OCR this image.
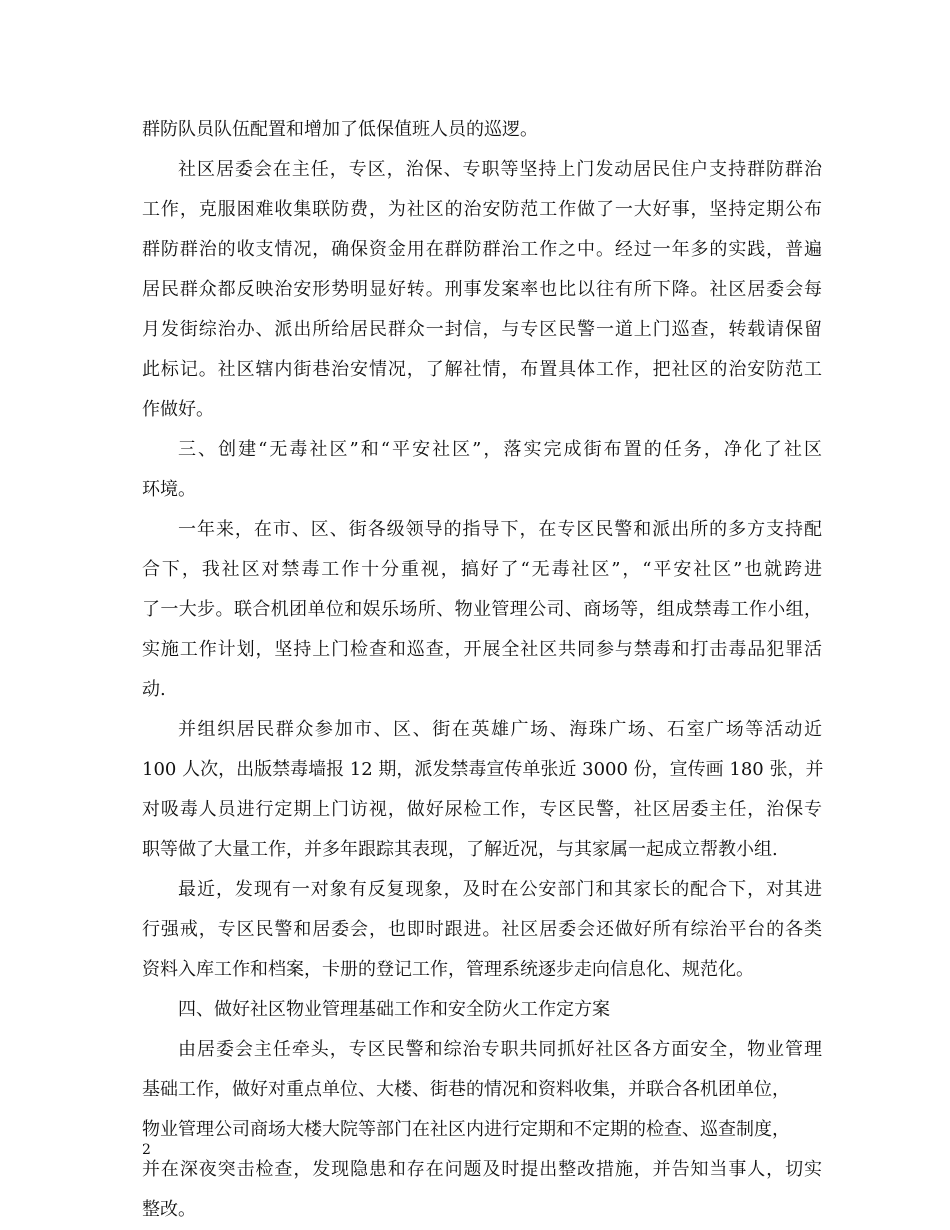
群防队员队伍配置和增加了低保值班人员的巡逻。
社区居委会在主任，专区，治保、专职等坚持上门发动居民住户支持群防群治
工作，克服困难收集联防费，为社区的治安防范工作做了一大好事，坚持定期公布
群防群治的收支情况，确保资金用在群防群治工作之中。经过一年多的实践，普遍
居民群众都反映治安形势明显好转。刑事发案率也比以往有所下降。社区居委会每
月发街综治办、派出所给居民群众一封信，与专区民警一道上门巡查，转载请保留
此标记。社区辖内街巷治安情况，了解社情，布置具体工作，把社区的治安防范工
作做好。
三、创建“无毒社区”和“平安社区”，落实完成街布置的任务，净化了社区
环境。
一年来，在市、区、街各级领导的指导下，在专区民警和派出所的多方支持配
合下，我社区对禁毒工作十分重视，搞好了“无毒社区”，“平安社区”也就跨进
了一大步。联合机团单位和娱乐场所、物业管理公司、商场等，组成禁毒工作小组，
实施工作计划，坚持上门检查和巡查，开展全社区共同参与禁毒和打击毒品犯罪活
动.
并组织居民群众参加市、区、街在英雄广场、海珠广场、石室广场等活动近
100 人次，出版禁毒墙报 12 期，派发禁毒宣传单张近 3000 份，宣传画 180 张，并
对吸毒人员进行定期上门访视，做好尿检工作，专区民警，社区居委主任，治保专
职等做了大量工作，并多年跟踪其表现，了解近况，与其家属一起成立帮教小组.
最近，发现有一对象有反复现象，及时在公安部门和其家长的配合下，对其进
行强戒，专区民警和居委会，也即时跟进。社区居委会还做好所有综治平台的各类
资料入库工作和档案，卡册的登记工作，管理系统逐步走向信息化、规范化。
四、做好社区物业管理基础工作和安全防火工作定方案
由居委会主任牵头，专区民警和综治专职共同抓好社区各方面安全，物业管理
基础工作，做好对重点单位、大楼、街巷的情况和资料收集，并联合各机团单位，
物业管理公司商场大楼大院等部门在社区内进行定期和不定期的检查、巡查制度，
并在深夜突击检查，发现隐患和存在问题及时提出整改措施，并告知当事人，切实
整改。
2
